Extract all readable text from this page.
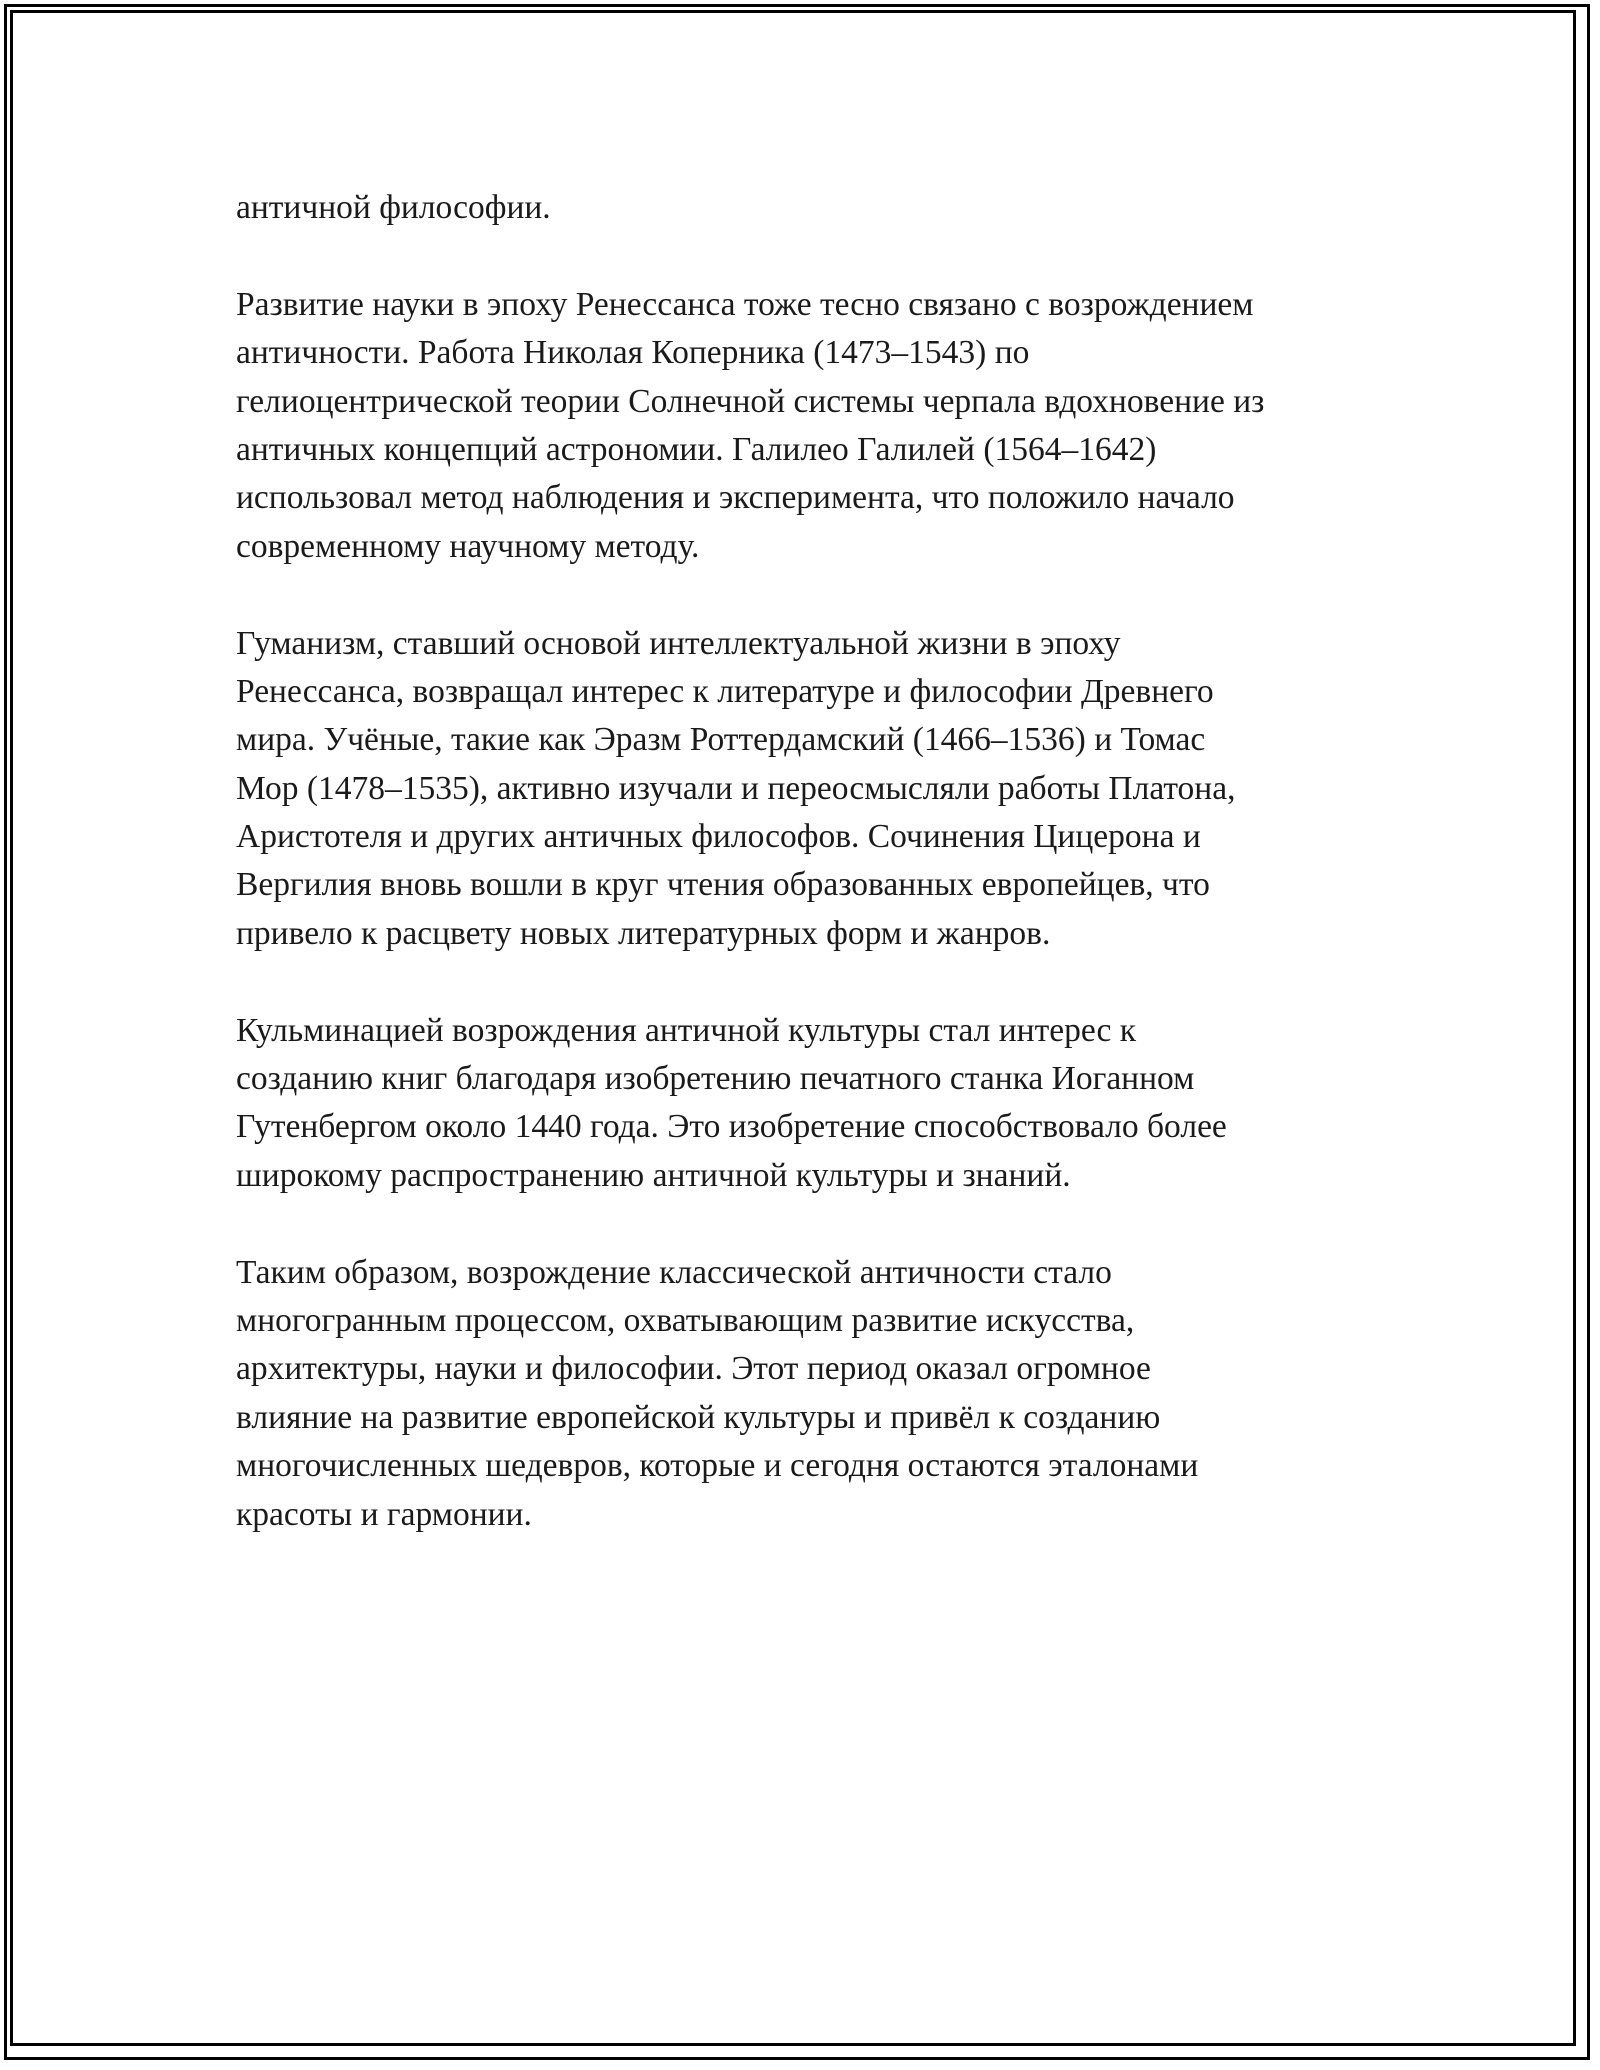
античной философии.

Развитие науки в эпоху Ренессанса тоже тесно связано с возрождением
античности. Работа Николая Коперника (1473–1543) по
гелиоцентрической теории Солнечной системы черпала вдохновение из
античных концепций астрономии. Галилео Галилей (1564–1642)
использовал метод наблюдения и эксперимента, что положило начало
современному научному методу.

Гуманизм, ставший основой интеллектуальной жизни в эпоху
Ренессанса, возвращал интерес к литературе и философии Древнего
мира. Учёные, такие как Эразм Роттердамский (1466–1536) и Томас
Мор (1478–1535), активно изучали и переосмысляли работы Платона,
Аристотеля и других античных философов. Сочинения Цицерона и
Вергилия вновь вошли в круг чтения образованных европейцев, что
привело к расцвету новых литературных форм и жанров.

Кульминацией возрождения античной культуры стал интерес к
созданию книг благодаря изобретению печатного станка Иоганном
Гутенбергом около 1440 года. Это изобретение способствовало более
широкому распространению античной культуры и знаний.

Таким образом, возрождение классической античности стало
многогранным процессом, охватывающим развитие искусства,
архитектуры, науки и философии. Этот период оказал огромное
влияние на развитие европейской культуры и привёл к созданию
многочисленных шедевров, которые и сегодня остаются эталонами
красоты и гармонии.
